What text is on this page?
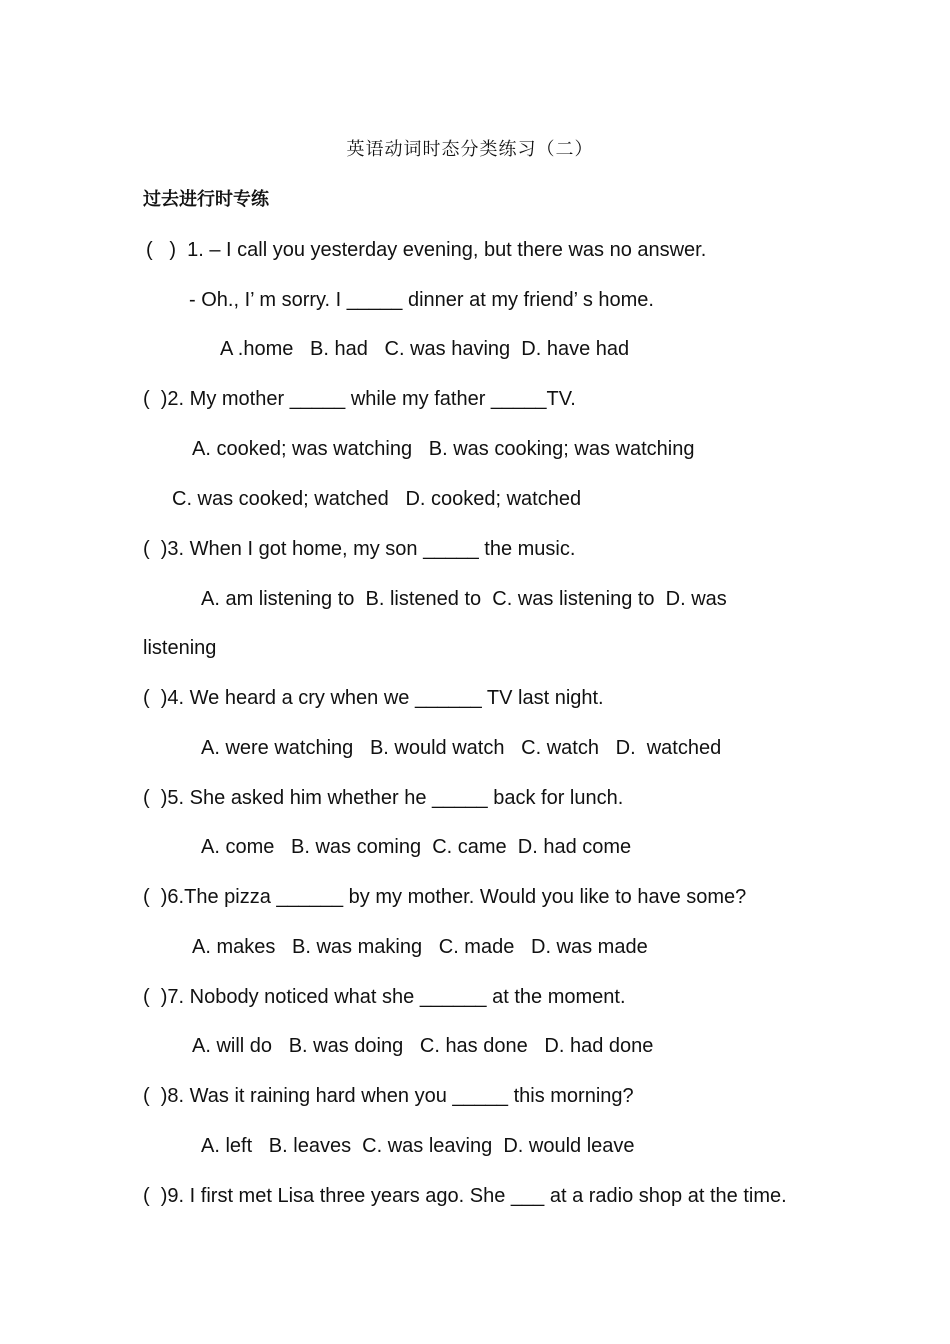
英语动词时态分类练习（二）
过去进行时专练
(   )  1. – I call you yesterday evening, but there was no answer.
- Oh., I’ m sorry. I _____ dinner at my friend’ s home.
A .home   B. had   C. was having  D. have had
(  )2. My mother _____ while my father _____TV.
A. cooked; was watching   B. was cooking; was watching
C. was cooked; watched   D. cooked; watched
(  )3. When I got home, my son _____ the music.
A. am listening to  B. listened to  C. was listening to  D. was
listening
(  )4. We heard a cry when we ______ TV last night.
A. were watching   B. would watch   C. watch   D.  watched
(  )5. She asked him whether he _____ back for lunch.
A. come   B. was coming  C. came  D. had come
(  )6.The pizza ______ by my mother. Would you like to have some?
A. makes   B. was making   C. made   D. was made
(  )7. Nobody noticed what she ______ at the moment.
A. will do   B. was doing   C. has done   D. had done
(  )8. Was it raining hard when you _____ this morning?
A. left   B. leaves  C. was leaving  D. would leave
(  )9. I first met Lisa three years ago. She ___ at a radio shop at the time.
